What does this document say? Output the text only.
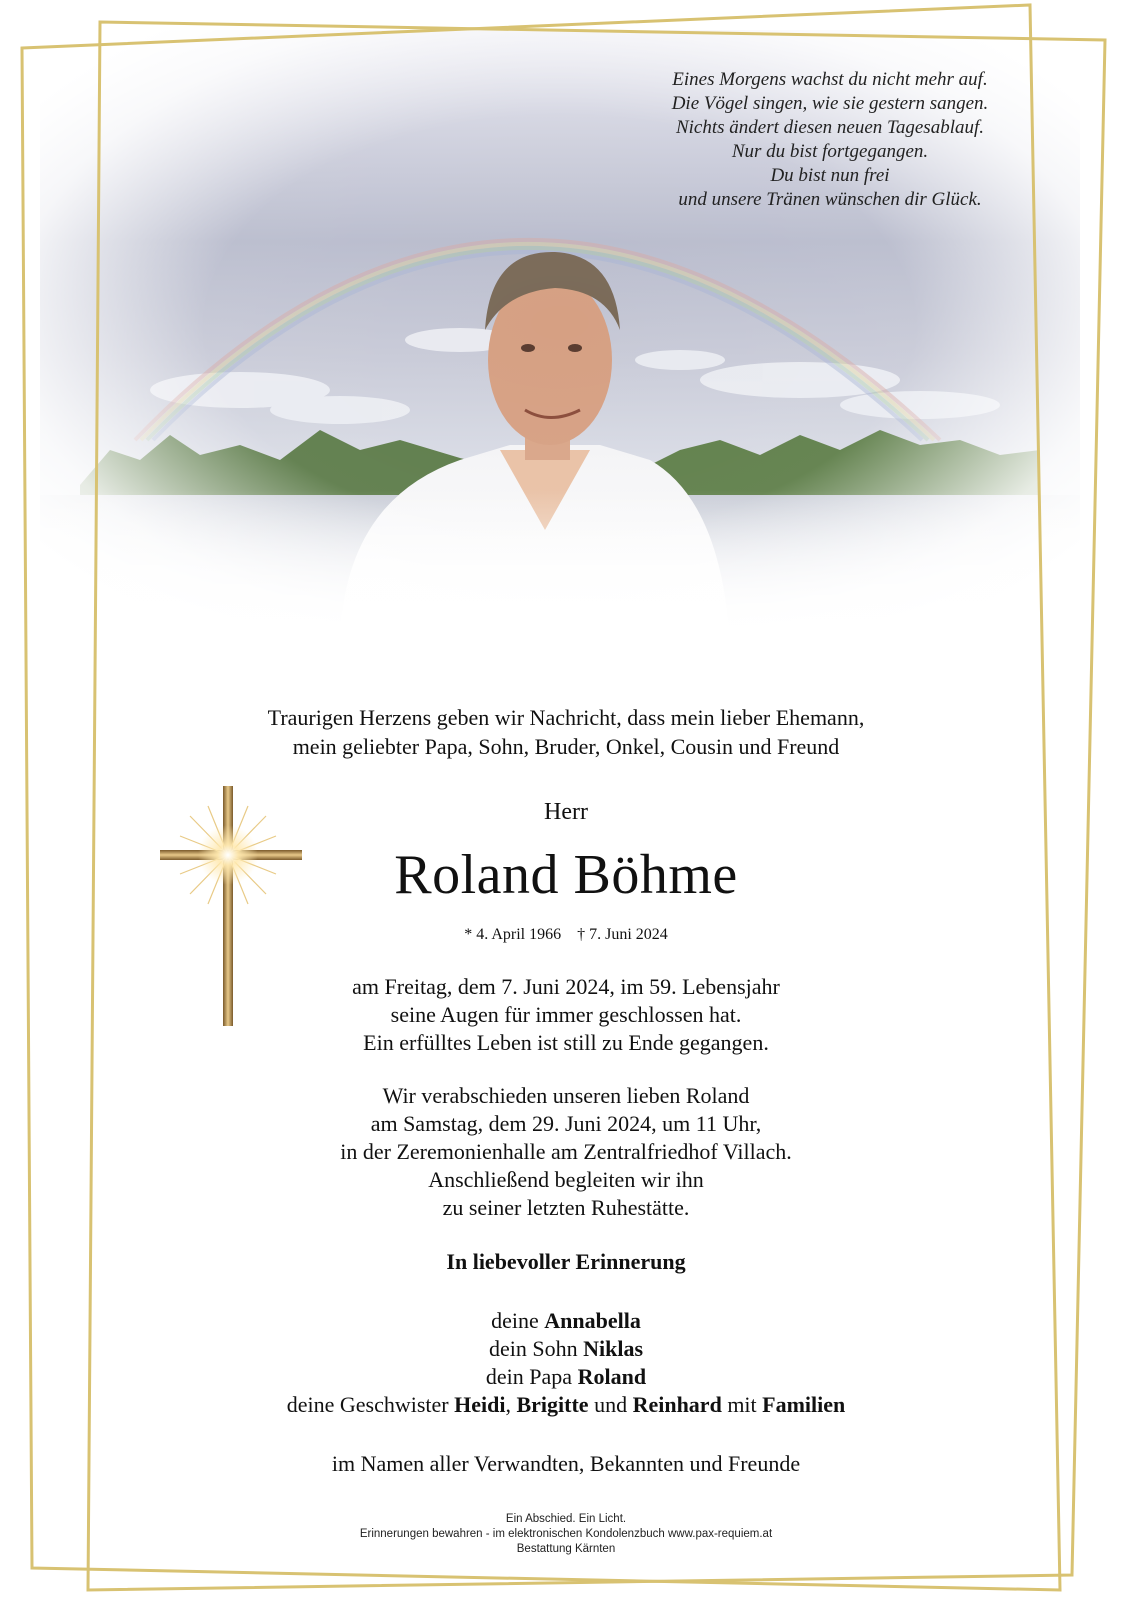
Eines Morgens wachst du nicht mehr auf.
Die Vögel singen, wie sie gestern sangen.
Nichts ändert diesen neuen Tagesablauf.
Nur du bist fortgegangen.
Du bist nun frei
und unsere Tränen wünschen dir Glück.
Traurigen Herzens geben wir Nachricht, dass mein lieber Ehemann,
mein geliebter Papa, Sohn, Bruder, Onkel, Cousin und Freund
Herr
Roland Böhme
* 4. April 1966 † 7. Juni 2024
am Freitag, dem 7. Juni 2024, im 59. Lebensjahr
seine Augen für immer geschlossen hat.
Ein erfülltes Leben ist still zu Ende gegangen.
Wir verabschieden unseren lieben Roland
am Samstag, dem 29. Juni 2024, um 11 Uhr,
in der Zeremonienhalle am Zentralfriedhof Villach.
Anschließend begleiten wir ihn
zu seiner letzten Ruhestätte.
In liebevoller Erinnerung
deine Annabella
dein Sohn Niklas
dein Papa Roland
deine Geschwister Heidi, Brigitte und Reinhard mit Familien
im Namen aller Verwandten, Bekannten und Freunde
Ein Abschied. Ein Licht.
Erinnerungen bewahren - im elektronischen Kondolenzbuch www.pax-requiem.at
Bestattung Kärnten
